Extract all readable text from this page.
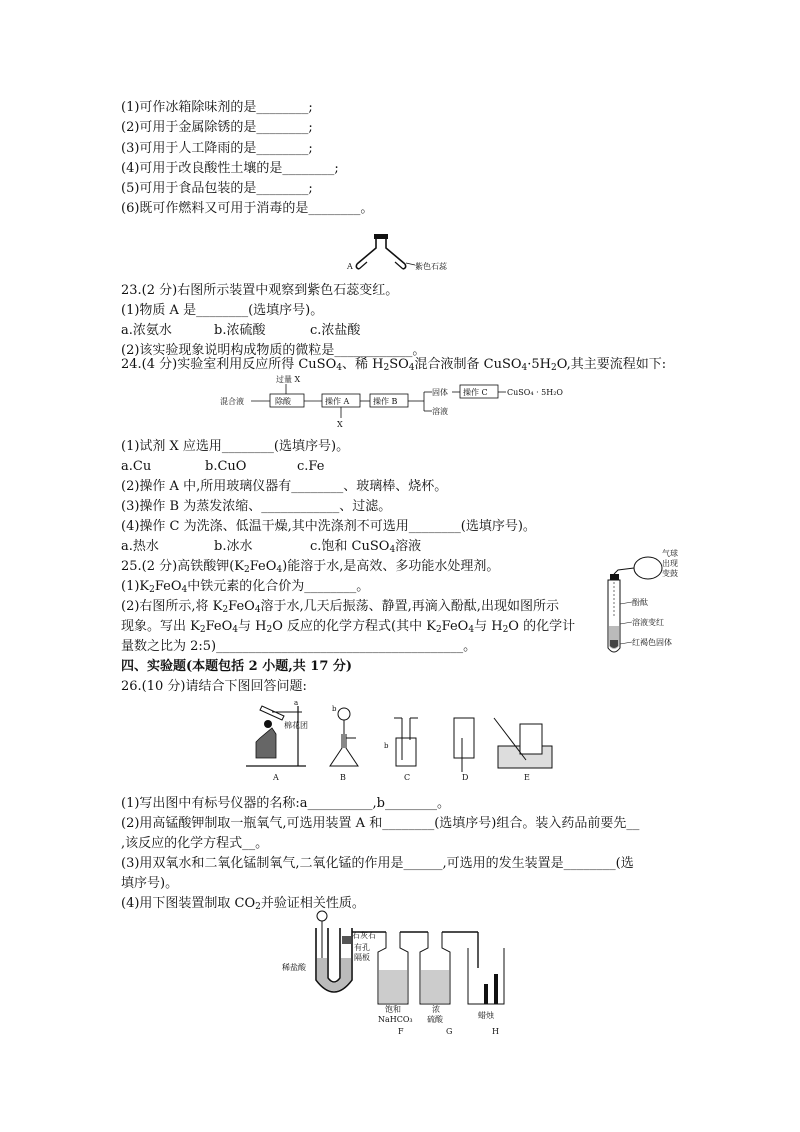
(1)可作冰箱除味剂的是________;
(2)可用于金属除锈的是________;
(3)可用于人工降雨的是________;
(4)可用于改良酸性土壤的是________;
(5)可用于食品包装的是________;
(6)既可作燃料又可用于消毒的是________。
A	紫色石蕊
23.(2 分)右图所示装置中观察到紫色石蕊变红。
(1)物质 A 是________(选填序号)。
a.浓氨水	b.浓硫酸	c.浓盐酸
(2)该实验现象说明构成物质的微粒是____________。
24.(4 分)实验室利用反应所得 CuSO$_4$、稀 $H_2SO_4$混合液制备 $CuSO_4\cdot 5H_2O$,其主要流程如下:
过量 X
混合液	除酸	操作 A
X
操作 B
固体 操作 C CuSO₄ · 5H₂O
溶液
(1)试剂 X 应选用________(选填序号)。
a.Cu	b.CuO	c.Fe
(2)操作 A 中,所用玻璃仪器有________、玻璃棒、烧杯。
(3)操作 B 为蒸发浓缩、____________、过滤。
(4)操作 C 为洗涤、低温干燥,其中洗涤剂不可选用________(选填序号)。
a.热水	b.冰水	c.饱和 CuSO$_4$溶液
25.(2 分)高铁酸钾$(K_2FeO_4)$能溶于水,是高效、多功能水处理剂。
$(1)K_2FeO_4$中铁元素的化合价为________。
(2)右图所示,将 $K_2FeO_4$溶于水,几天后振荡、静置,再滴入酚酞,出现如图所示
现象。写出 $K_2FeO_4$与 $H_2O$ 反应的化学方程式(其中 $K_2FeO_4$与 $H_2O$ 的化学计
量数之比为 2:5)______________________________________。
气球
出现
变鼓
酚酞
溶液变红
红褐色固体
四、实验题(本题包括 2 小题,共 17 分)
26.(10 分)请结合下图回答问题:
a
棉花团
b
b
A	B	C	D	E
(1)写出图中有标号仪器的名称:a__________,b________。
(2)用高锰酸钾制取一瓶氧气,可选用装置 A 和________(选填序号)组合。装入药品前要先__
,该反应的化学方程式__。
(3)用双氧水和二氧化锰制氧气,二氧化锰的作用是______,可选用的发生装置是________(选
填序号)。
(4)用下图装置制取 $CO_2$并验证相关性质。
石灰石
有孔
隔板
稀盐酸
饱和
NaHCO₃
浓
硫酸	蜡烛
F	G	H
